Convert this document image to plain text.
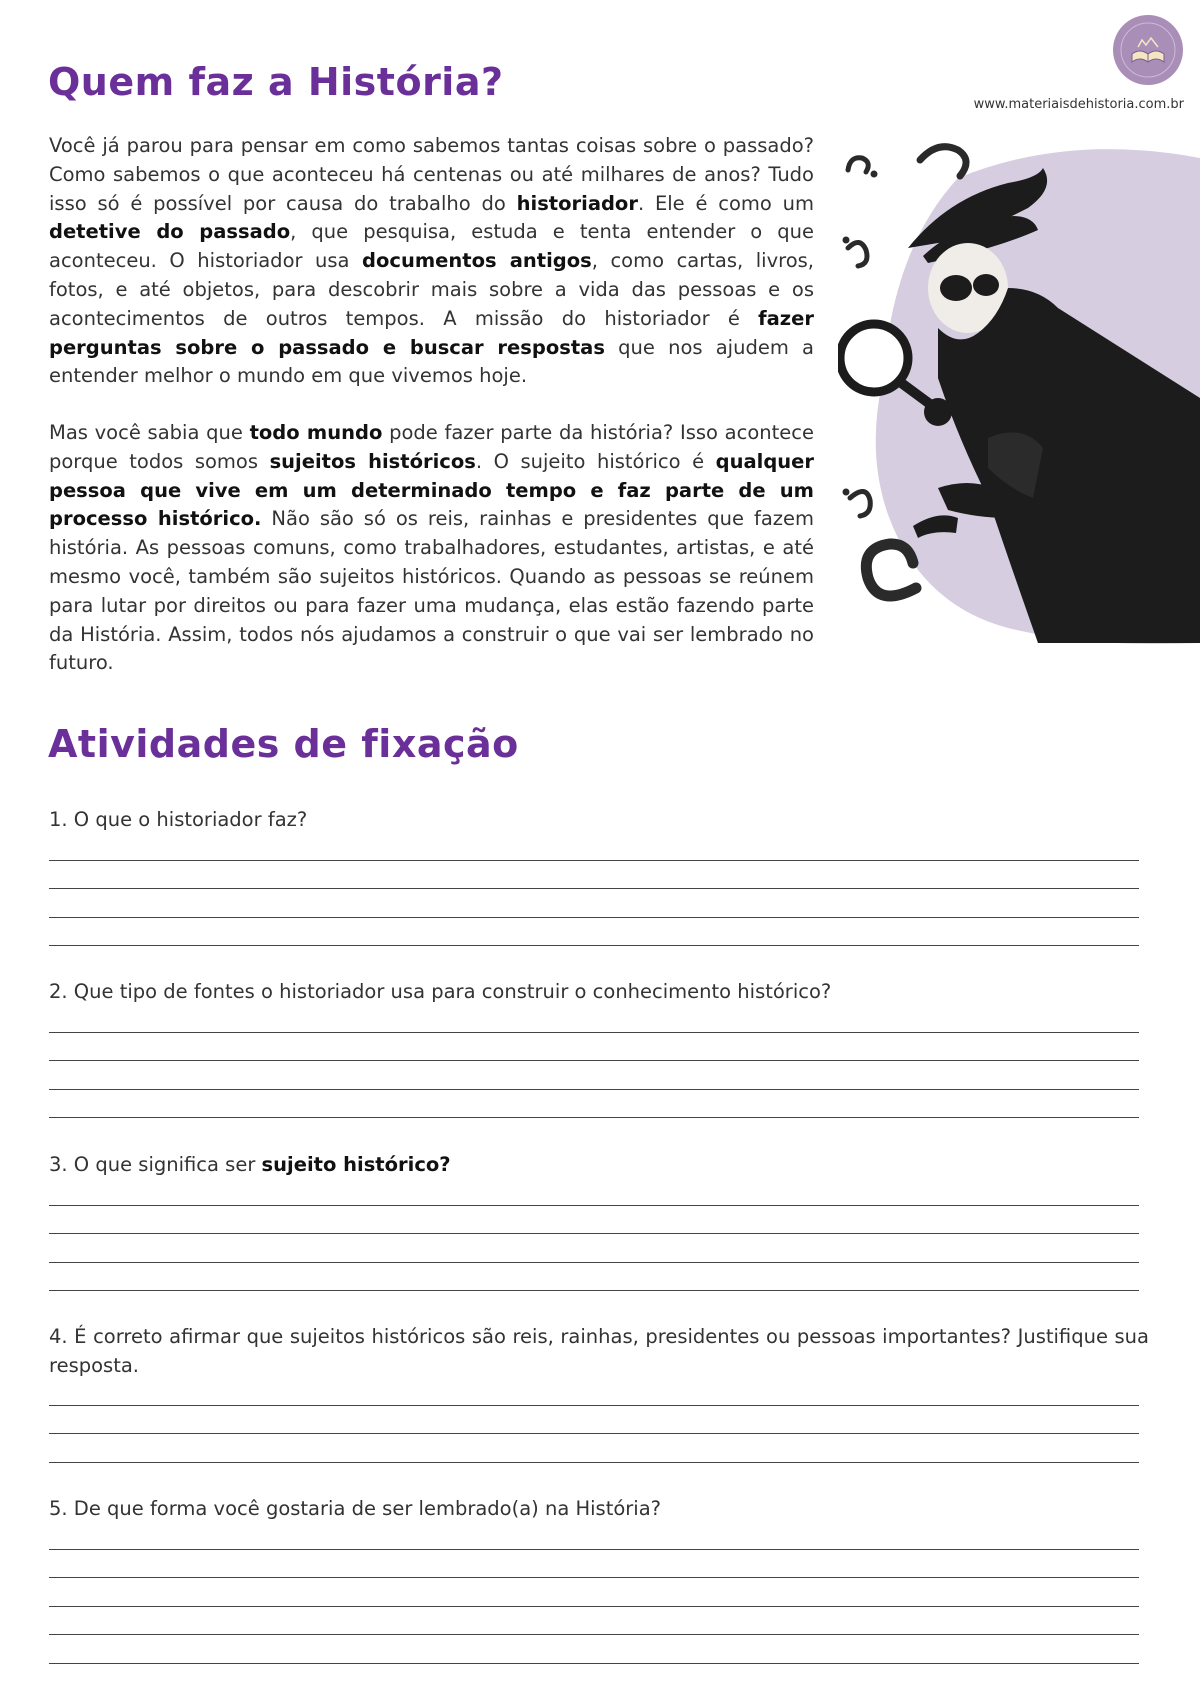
www.materiaisdehistoria.com.br
Quem faz a História?

Você já parou para pensar em como sabemos tantas coisas sobre o passado? Como sabemos o que aconteceu há centenas ou até milhares de anos? Tudo isso só é possível por causa do trabalho do historiador. Ele é como um detetive do passado, que pesquisa, estuda e tenta entender o que aconteceu. O historiador usa documentos antigos, como cartas, livros, fotos, e até objetos, para descobrir mais sobre a vida das pessoas e os acontecimentos de outros tempos. A missão do historiador é fazer perguntas sobre o passado e buscar respostas que nos ajudem a entender melhor o mundo em que vivemos hoje.

Mas você sabia que todo mundo pode fazer parte da história? Isso acontece porque todos somos sujeitos históricos. O sujeito histórico é qualquer pessoa que vive em um determinado tempo e faz parte de um processo histórico. Não são só os reis, rainhas e presidentes que fazem história. As pessoas comuns, como trabalhadores, estudantes, artistas, e até mesmo você, também são sujeitos históricos. Quando as pessoas se reúnem para lutar por direitos ou para fazer uma mudança, elas estão fazendo parte da História. Assim, todos nós ajudamos a construir o que vai ser lembrado no futuro.

Atividades de fixação

1. O que o historiador faz?

2. Que tipo de fontes o historiador usa para construir o conhecimento histórico?

3. O que significa ser sujeito histórico?

4. É correto afirmar que sujeitos históricos são reis, rainhas, presidentes ou pessoas importantes? Justifique sua resposta.

5. De que forma você gostaria de ser lembrado(a) na História?
